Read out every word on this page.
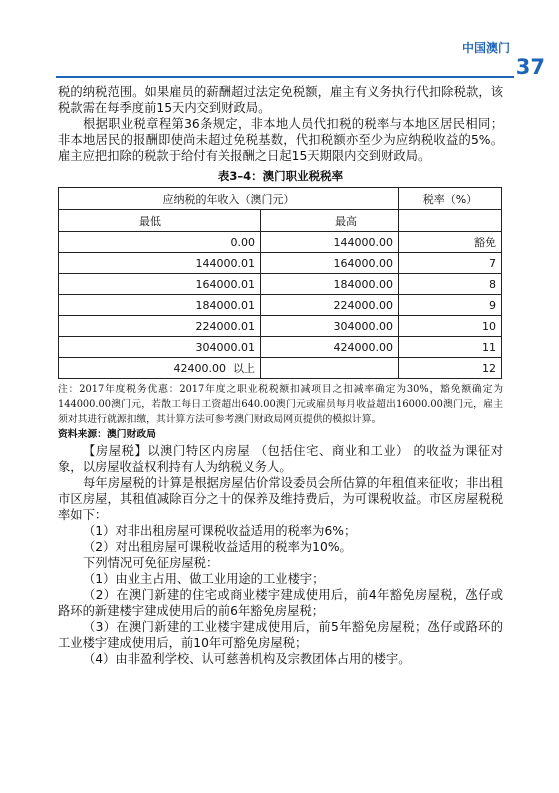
中国澳门
37

税的纳税范围。如果雇员的薪酬超过法定免税额，雇主有义务执行代扣除税款，该税款需在每季度前15天内交到财政局。

根据职业税章程第36条规定，非本地人员代扣税的税率与本地区居民相同；非本地居民的报酬即使尚未超过免税基数，代扣税额亦至少为应纳税收益的5%。雇主应把扣除的税款于给付有关报酬之日起15天期限内交到财政局。

表3–4：澳门职业税税率
应纳税的年收入（澳门元）		税率（%）
最低	最高	
0.00	144000.00	豁免
144000.01	164000.00	7
164000.01	184000.00	8
184000.01	224000.00	9
224000.01	304000.00	10
304000.01	424000.00	11
42400.00  以上		12

注：2017年度税务优惠：2017年度之职业税税额扣减项目之扣减率确定为30%，豁免额确定为144000.00澳门元，若散工每日工资超出640.00澳门元或雇员每月收益超出16000.00澳门元，雇主须对其进行就源扣缴，其计算方法可参考澳门财政局网页提供的模拟计算。

资料来源：澳门财政局

【房屋税】以澳门特区内房屋 （包括住宅、商业和工业） 的收益为课征对象，以房屋收益权利持有人为纳税义务人。

每年房屋税的计算是根据房屋估价常设委员会所估算的年租值来征收；非出租市区房屋，其租值减除百分之十的保养及维持费后，为可课税收益。市区房屋税税率如下：

（1）对非出租房屋可课税收益适用的税率为6%；

（2）对出租房屋可课税收益适用的税率为10%。

下列情况可免征房屋税：

（1）由业主占用、做工业用途的工业楼宇；

（2）在澳门新建的住宅或商业楼宇建成使用后，前4年豁免房屋税，氹仔或路环的新建楼宇建成使用后的前6年豁免房屋税；

（3）在澳门新建的工业楼宇建成使用后，前5年豁免房屋税；氹仔或路环的工业楼宇建成使用后，前10年可豁免房屋税；

（4）由非盈利学校、认可慈善机构及宗教团体占用的楼宇。
